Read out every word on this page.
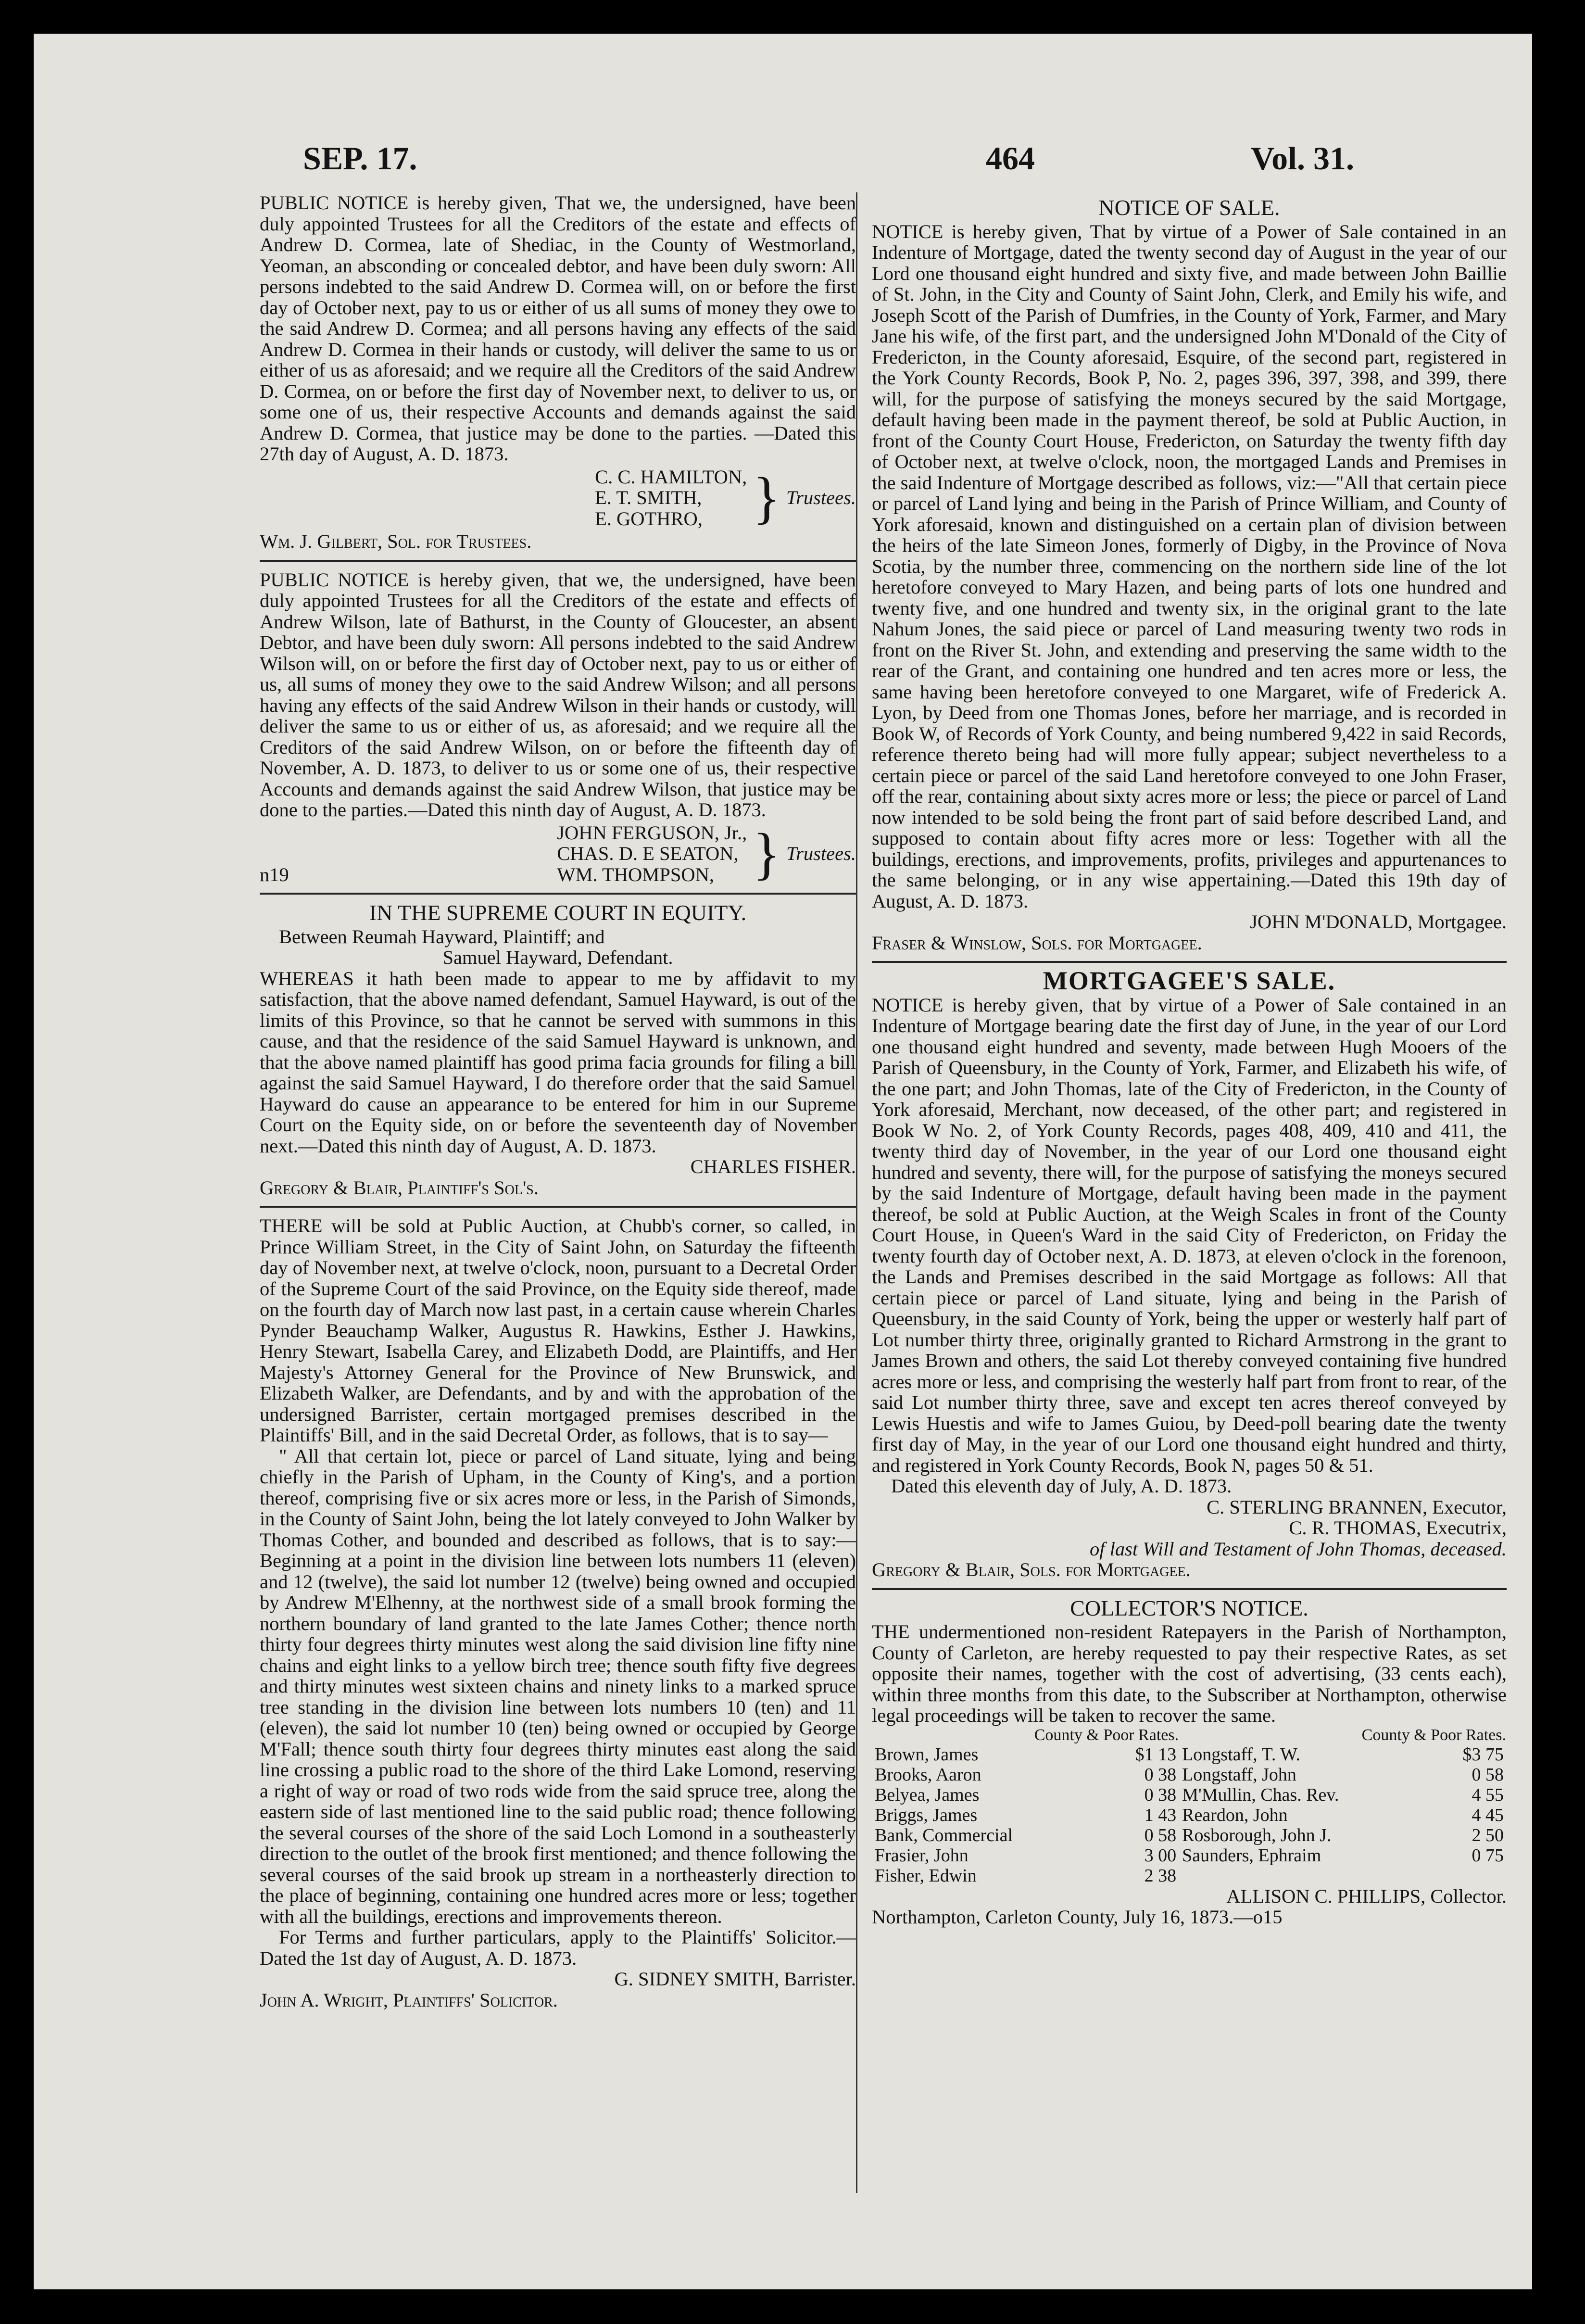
SEP. 17.	464	Vol. 31.

PUBLIC NOTICE is hereby given, That we, the undersigned, have been duly appointed Trustees for all the Creditors of the estate and effects of Andrew D. Cormea, late of Shediac, in the County of Westmorland, Yeoman, an absconding or concealed debtor, and have been duly sworn: All persons indebted to the said Andrew D. Cormea will, on or before the first day of October next, pay to us or either of us all sums of money they owe to the said Andrew D. Cormea; and all persons having any effects of the said Andrew D. Cormea in their hands or custody, will deliver the same to us or either of us as aforesaid; and we require all the Creditors of the said Andrew D. Cormea, on or before the first day of November next, to deliver to us, or some one of us, their respective Accounts and demands against the said Andrew D. Cormea, that justice may be done to the parties. —Dated this 27th day of August, A. D. 1873.

C. C. HAMILTON,
E. T. SMITH,
E. GOTHRO, } Trustees.
Wm. J. Gilbert, Sol. for Trustees.

PUBLIC NOTICE is hereby given, that we, the undersigned, have been duly appointed Trustees for all the Creditors of the estate and effects of Andrew Wilson, late of Bathurst, in the County of Gloucester, an absent Debtor, and have been duly sworn: All persons indebted to the said Andrew Wilson will, on or before the first day of October next, pay to us or either of us, all sums of money they owe to the said Andrew Wilson; and all persons having any effects of the said Andrew Wilson in their hands or custody, will deliver the same to us or either of us, as aforesaid; and we require all the Creditors of the said Andrew Wilson, on or before the fifteenth day of November, A. D. 1873, to deliver to us or some one of us, their respective Accounts and demands against the said Andrew Wilson, that justice may be done to the parties.—Dated this ninth day of August, A. D. 1873.

n19
JOHN FERGUSON, Jr.,
CHAS. D. E SEATON,
WM. THOMPSON, } Trustees.
IN THE SUPREME COURT IN EQUITY.
Between Reumah Hayward, Plaintiff; and
Samuel Hayward, Defendant.

WHEREAS it hath been made to appear to me by affidavit to my satisfaction, that the above named defendant, Samuel Hayward, is out of the limits of this Province, so that he cannot be served with summons in this cause, and that the residence of the said Samuel Hayward is unknown, and that the above named plaintiff has good prima facia grounds for filing a bill against the said Samuel Hayward, I do therefore order that the said Samuel Hayward do cause an appearance to be entered for him in our Supreme Court on the Equity side, on or before the seventeenth day of November next.—Dated this ninth day of August, A. D. 1873.

CHARLES FISHER.
Gregory & Blair, Plaintiff's Sol's.

THERE will be sold at Public Auction, at Chubb's corner, so called, in Prince William Street, in the City of Saint John, on Saturday the fifteenth day of November next, at twelve o'clock, noon, pursuant to a Decretal Order of the Supreme Court of the said Province, on the Equity side thereof, made on the fourth day of March now last past, in a certain cause wherein Charles Pynder Beauchamp Walker, Augustus R. Hawkins, Esther J. Hawkins, Henry Stewart, Isabella Carey, and Elizabeth Dodd, are Plaintiffs, and Her Majesty's Attorney General for the Province of New Brunswick, and Elizabeth Walker, are Defendants, and by and with the approbation of the undersigned Barrister, certain mortgaged premises described in the Plaintiffs' Bill, and in the said Decretal Order, as follows, that is to say—

" All that certain lot, piece or parcel of Land situate, lying and being chiefly in the Parish of Upham, in the County of King's, and a portion thereof, comprising five or six acres more or less, in the Parish of Simonds, in the County of Saint John, being the lot lately conveyed to John Walker by Thomas Cother, and bounded and described as follows, that is to say:—Beginning at a point in the division line between lots numbers 11 (eleven) and 12 (twelve), the said lot number 12 (twelve) being owned and occupied by Andrew M'Elhenny, at the northwest side of a small brook forming the northern boundary of land granted to the late James Cother; thence north thirty four degrees thirty minutes west along the said division line fifty nine chains and eight links to a yellow birch tree; thence south fifty five degrees and thirty minutes west sixteen chains and ninety links to a marked spruce tree standing in the division line between lots numbers 10 (ten) and 11 (eleven), the said lot number 10 (ten) being owned or occupied by George M'Fall; thence south thirty four degrees thirty minutes east along the said line crossing a public road to the shore of the third Lake Lomond, reserving a right of way or road of two rods wide from the said spruce tree, along the eastern side of last mentioned line to the said public road; thence following the several courses of the shore of the said Loch Lomond in a southeasterly direction to the outlet of the brook first mentioned; and thence following the several courses of the said brook up stream in a northeasterly direction to the place of beginning, containing one hundred acres more or less; together with all the buildings, erections and improvements thereon.

For Terms and further particulars, apply to the Plaintiffs' Solicitor.—Dated the 1st day of August, A. D. 1873.

G. SIDNEY SMITH, Barrister.
John A. Wright, Plaintiffs' Solicitor.
NOTICE OF SALE.

NOTICE is hereby given, That by virtue of a Power of Sale contained in an Indenture of Mortgage, dated the twenty second day of August in the year of our Lord one thousand eight hundred and sixty five, and made between John Baillie of St. John, in the City and County of Saint John, Clerk, and Emily his wife, and Joseph Scott of the Parish of Dumfries, in the County of York, Farmer, and Mary Jane his wife, of the first part, and the undersigned John M'Donald of the City of Fredericton, in the County aforesaid, Esquire, of the second part, registered in the York County Records, Book P, No. 2, pages 396, 397, 398, and 399, there will, for the purpose of satisfying the moneys secured by the said Mortgage, default having been made in the payment thereof, be sold at Public Auction, in front of the County Court House, Fredericton, on Saturday the twenty fifth day of October next, at twelve o'clock, noon, the mortgaged Lands and Premises in the said Indenture of Mortgage described as follows, viz:—"All that certain piece or parcel of Land lying and being in the Parish of Prince William, and County of York aforesaid, known and distinguished on a certain plan of division between the heirs of the late Simeon Jones, formerly of Digby, in the Province of Nova Scotia, by the number three, commencing on the northern side line of the lot heretofore conveyed to Mary Hazen, and being parts of lots one hundred and twenty five, and one hundred and twenty six, in the original grant to the late Nahum Jones, the said piece or parcel of Land measuring twenty two rods in front on the River St. John, and extending and preserving the same width to the rear of the Grant, and containing one hundred and ten acres more or less, the same having been heretofore conveyed to one Margaret, wife of Frederick A. Lyon, by Deed from one Thomas Jones, before her marriage, and is recorded in Book W, of Records of York County, and being numbered 9,422 in said Records, reference thereto being had will more fully appear; subject nevertheless to a certain piece or parcel of the said Land heretofore conveyed to one John Fraser, off the rear, containing about sixty acres more or less; the piece or parcel of Land now intended to be sold being the front part of said before described Land, and supposed to contain about fifty acres more or less: Together with all the buildings, erections, and improvements, profits, privileges and appurtenances to the same belonging, or in any wise appertaining.—Dated this 19th day of August, A. D. 1873.

JOHN M'DONALD, Mortgagee.
Fraser & Winslow, Sols. for Mortgagee.
MORTGAGEE'S SALE.

NOTICE is hereby given, that by virtue of a Power of Sale contained in an Indenture of Mortgage bearing date the first day of June, in the year of our Lord one thousand eight hundred and seventy, made between Hugh Mooers of the Parish of Queensbury, in the County of York, Farmer, and Elizabeth his wife, of the one part; and John Thomas, late of the City of Fredericton, in the County of York aforesaid, Merchant, now deceased, of the other part; and registered in Book W No. 2, of York County Records, pages 408, 409, 410 and 411, the twenty third day of November, in the year of our Lord one thousand eight hundred and seventy, there will, for the purpose of satisfying the moneys secured by the said Indenture of Mortgage, default having been made in the payment thereof, be sold at Public Auction, at the Weigh Scales in front of the County Court House, in Queen's Ward in the said City of Fredericton, on Friday the twenty fourth day of October next, A. D. 1873, at eleven o'clock in the forenoon, the Lands and Premises described in the said Mortgage as follows: All that certain piece or parcel of Land situate, lying and being in the Parish of Queensbury, in the said County of York, being the upper or westerly half part of Lot number thirty three, originally granted to Richard Armstrong in the grant to James Brown and others, the said Lot thereby conveyed containing five hundred acres more or less, and comprising the westerly half part from front to rear, of the said Lot number thirty three, save and except ten acres thereof conveyed by Lewis Huestis and wife to James Guiou, by Deed-poll bearing date the twenty first day of May, in the year of our Lord one thousand eight hundred and thirty, and registered in York County Records, Book N, pages 50 & 51.

Dated this eleventh day of July, A. D. 1873.
C. STERLING BRANNEN, Executor,
C. R. THOMAS, Executrix,
of last Will and Testament of John Thomas, deceased.
Gregory & Blair, Sols. for Mortgagee.
COLLECTOR'S NOTICE.

THE undermentioned non-resident Ratepayers in the Parish of Northampton, County of Carleton, are hereby requested to pay their respective Rates, as set opposite their names, together with the cost of advertising, (33 cents each), within three months from this date, to the Subscriber at Northampton, otherwise legal proceedings will be taken to recover the same.

	County & Poor Rates.		County & Poor Rates.
Brown, James	$1 13	Longstaff, T. W.	$3 75
Brooks, Aaron	0 38	Longstaff, John	0 58
Belyea, James	0 38	M'Mullin, Chas. Rev.	4 55
Briggs, James	1 43	Reardon, John	4 45
Bank, Commercial	0 58	Rosborough, John J.	2 50
Frasier, John	3 00	Saunders, Ephraim	0 75
Fisher, Edwin	2 38		
ALLISON C. PHILLIPS, Collector.
Northampton, Carleton County, July 16, 1873.—o15
